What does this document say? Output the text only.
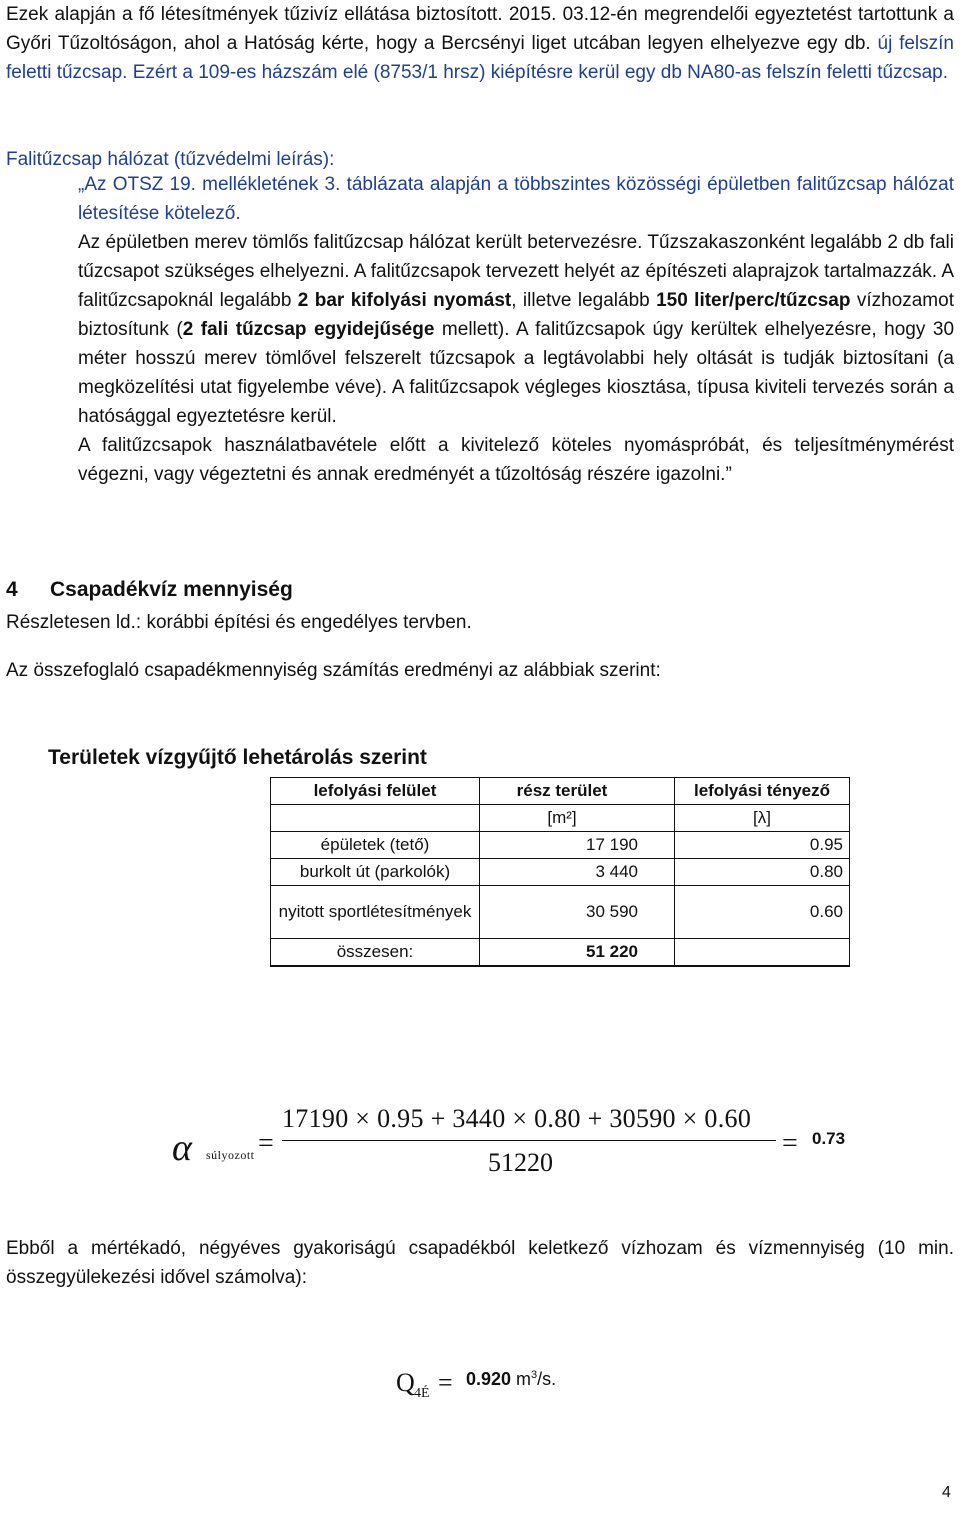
Ezek alapján a fő létesítmények tűzivíz ellátása biztosított. 2015. 03.12-én megrendelői egyeztetést tartottunk a Győri Tűzoltóságon, ahol a Hatóság kérte, hogy a Bercsényi liget utcában legyen elhelyezve egy db. új felszín feletti tűzcsap. Ezért a 109-es házszám elé (8753/1 hrsz) kiépítésre kerül egy db NA80-as felszín feletti tűzcsap.
Falitűzcsap hálózat (tűzvédelmi leírás):
„Az OTSZ 19. mellékletének 3. táblázata alapján a többszintes közösségi épületben falitűzcsap hálózat létesítése kötelező.
Az épületben merev tömlős falitűzcsap hálózat került betervezésre. Tűzszakaszonként legalább 2 db fali tűzcsapot szükséges elhelyezni. A falitűzcsapok tervezett helyét az építészeti alaprajzok tartalmazzák. A falitűzcsapoknál legalább 2 bar kifolyási nyomást, illetve legalább 150 liter/perc/tűzcsap vízhozamot biztosítunk (2 fali tűzcsap egyidejűsége mellett). A falitűzcsapok úgy kerültek elhelyezésre, hogy 30 méter hosszú merev tömlővel felszerelt tűzcsapok a legtávolabbi hely oltását is tudják biztosítani (a megközelítési utat figyelembe véve). A falitűzcsapok végleges kiosztása, típusa kiviteli tervezés során a hatósággal egyeztetésre kerül.
A falitűzcsapok használatbavétele előtt a kivitelező köteles nyomáspróbát, és teljesítménymérést végezni, vagy végeztetni és annak eredményét a tűzoltóság részére igazolni.”
4 Csapadékvíz mennyiség
Részletesen ld.: korábbi építési és engedélyes tervben.
Az összefoglaló csapadékmennyiség számítás eredményi az alábbiak szerint:
Területek vízgyűjtő lehetárolás szerint
lefolyási felület	rész terület	lefolyási tényező
	[m²]	[λ]
épületek (tető)	17 190	0.95
burkolt út (parkolók)	3 440	0.80
nyitott sportlétesítmények	30 590	0.60
összesen:	51 220	
α súlyozott =
17190 × 0.95 + 3440 × 0.80 + 30590 × 0.60
51220
= 0.73
Ebből a mértékadó, négyéves gyakoriságú csapadékból keletkező vízhozam és vízmennyiség (10 min. összegyülekezési idővel számolva):
Q 4É = 0.920 $m^3/s$.
4
